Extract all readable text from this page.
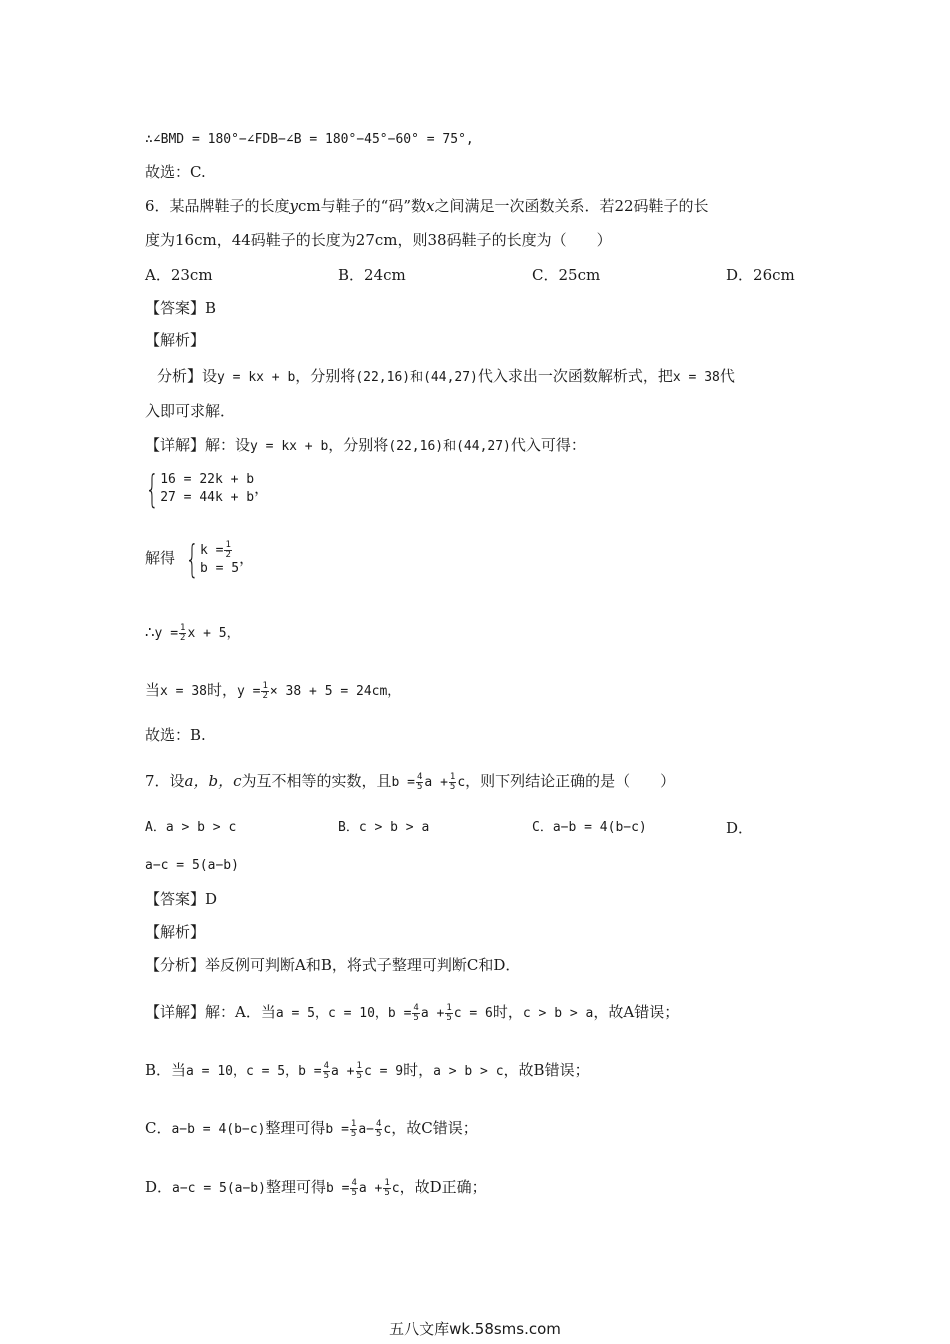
∴∠BMD = 180°−∠FDB−∠B = 180°−45°−60° = 75°,
故选：C.
6．某品牌鞋子的长度ycm与鞋子的“码”数x之间满足一次函数关系．若22码鞋子的长
度为16cm，44码鞋子的长度为27cm，则38码鞋子的长度为（　　）
A．23cm	B．24cm	C．25cm	D．26cm
【答案】B
【解析】
分析】设y = kx + b，分别将(22,16)和(44,27)代入求出一次函数解析式，把x = 38代
入即可求解．
【详解】解：设y = kx + b，分别将(22,16)和(44,27)代入可得：
{ 16 = 22k + b
27 = 44k + b
，
解得 { $k = \frac{1}{2}$
b = 5
，
∴y = $\frac{1}{2}$ x + 5，
当x = 38时，$y = \frac{1}{2} \times 38 + 5 = 24cm$，
故选：B.
7．设a，b，c为互不相等的实数，且$b = \frac{4}{5}$ $a + \frac{1}{5}$ c，则下列结论正确的是（　　）
A．a > b > c	B．c > b > a	C．a−b = 4(b−c)	D．
a−c = 5(a−b)
【答案】D
【解析】
【分析】举反例可判断A和B，将式子整理可判断C和D．
【详解】解：A．当a = 5，c = 10，$b = \frac{4}{5}$ $a + \frac{1}{5}$ c = 6时，c > b > a，故A错误；
B．当a = 10，c = 5，$b = \frac{4}{5}$ $a + \frac{1}{5}$ c = 9时，a > b > c，故B错误；
C．a−b = 4(b−c)整理可得$b = \frac{1}{5} a- \frac{4}{5}$ c，故C错误；
D．a−c = 5(a−b)整理可得$b = \frac{4}{5}$ $a + \frac{1}{5}$ c，故D正确；
五八文库wk.58sms.com
